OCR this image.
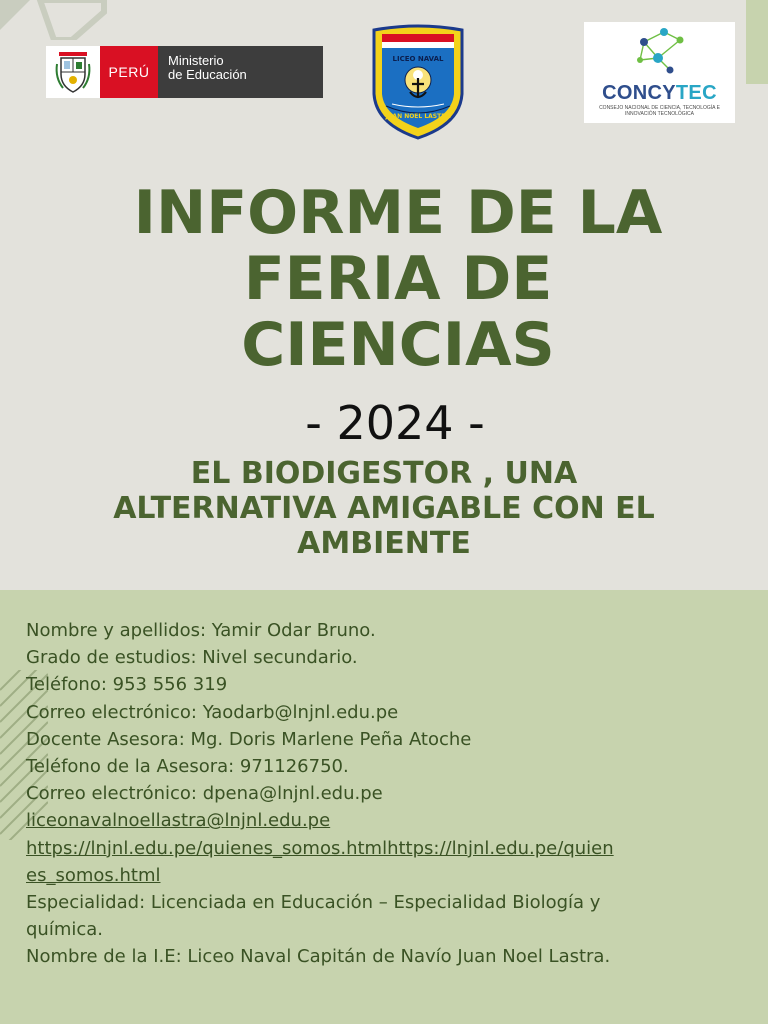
PERÚ
Ministerio
de Educación
LICEO NAVAL
JUAN NOEL LASTRA
CONCYTEC
CONSEJO NACIONAL DE CIENCIA, TECNOLOGÍA E INNOVACIÓN TECNOLÓGICA
INFORME DE LA
FERIA DE
CIENCIAS
- 2024 -
EL BIODIGESTOR , UNA
ALTERNATIVA AMIGABLE CON EL
AMBIENTE
Nombre y apellidos: Yamir Odar Bruno.
Grado de estudios: Nivel secundario.
Teléfono: 953 556 319
Correo electrónico: Yaodarb@lnjnl.edu.pe
Docente Asesora: Mg. Doris Marlene Peña Atoche
Teléfono de la Asesora: 971126750.
Correo electrónico: dpena@lnjnl.edu.pe
liceonavalnoellastra@lnjnl.edu.pe
https://lnjnl.edu.pe/quienes_somos.htmlhttps://lnjnl.edu.pe/quien
es_somos.html
Especialidad: Licenciada en Educación – Especialidad Biología y
química.
Nombre de la I.E: Liceo Naval Capitán de Navío Juan Noel Lastra.
